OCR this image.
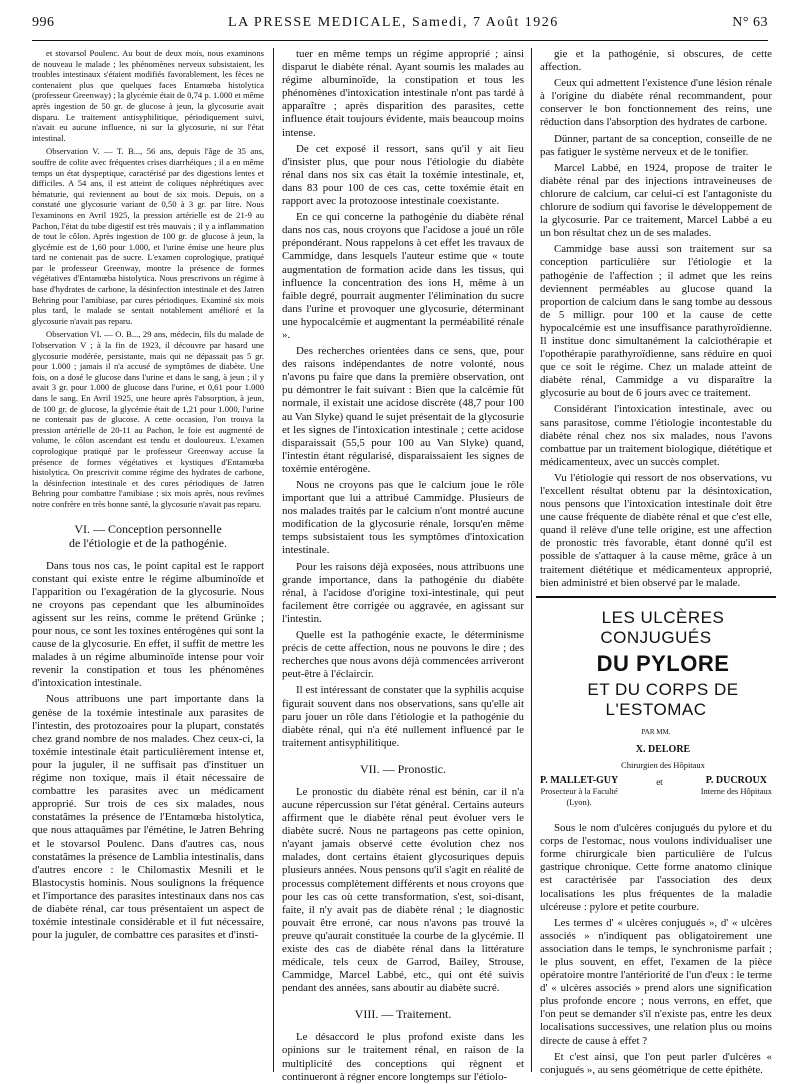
996	LA PRESSE MEDICALE, Samedi, 7 Août 1926	N° 63

et stovarsol Poulenc. Au bout de deux mois, nous examinons de nouveau le malade ; les phénomènes nerveux subsistaient, les troubles intestinaux s'étaient modifiés favorablement, les fèces ne contenaient plus que quelques faces Entamœba histolytica (professeur Greenway) ; la glycémie était de 0,74 p. 1.000 et même après ingestion de 50 gr. de glucose à jeun, la glycosurie avait disparu. Le traitement antisyphilitique, périodiquement suivi, n'avait eu aucune influence, ni sur la glycosurie, ni sur l'état intestinal.

Observation V. — T. B..., 56 ans, depuis l'âge de 35 ans, souffre de colite avec fréquentes crises diarrhéiques ; il a en même temps un état dyspeptique, caractérisé par des digestions lentes et difficiles. A 54 ans, il est atteint de coliques néphrétiques avec hématurie, qui reviennent au bout de six mois. Depuis, on a constaté une glycosurie variant de 0,50 à 3 gr. par litre. Nous l'examinons en Avril 1925, la pression artérielle est de 21-9 au Pachon, l'état du tube digestif est très mauvais ; il y a inflammation de tout le côlon. Après ingestion de 100 gr. de glucose à jeun, la glycémie est de 1,60 pour 1.000, et l'urine émise une heure plus tard ne contenait pas de sucre. L'examen coprologique, pratiqué par le professeur Greenway, montre la présence de formes végétatives d'Entamœba histolytica. Nous prescrivons un régime à base d'hydrates de carbone, la désinfection intestinale et des Jatren Behring pour l'amibiase, par cures périodiques. Examiné six mois plus tard, le malade se sentait notablement amélioré et la glycosurie n'avait pas reparu.

Observation VI. — O. B..., 29 ans, médecin, fils du malade de l'observation V ; à la fin de 1923, il découvre par hasard une glycosurie modérée, persistante, mais qui ne dépassait pas 5 gr. pour 1.000 ; jamais il n'a accusé de symptômes de diabète. Une fois, on a dosé le glucose dans l'urine et dans le sang, à jeun ; il y avait 3 gr. pour 1.000 de glucose dans l'urine, et 0,61 pour 1.000 dans le sang. En Avril 1925, une heure après l'absorption, à jeun, de 100 gr. de glucose, la glycémie était de 1,21 pour 1.000, l'urine ne contenait pas de glucose. A cette occasion, l'on trouva la pression artérielle de 20-11 au Pachon, le foie est augmenté de volume, le côlon ascendant est tendu et douloureux. L'examen coprologique pratiqué par le professeur Greenway accuse la présence de formes végétatives et kystiques d'Entamœba histolytica. On prescrivit comme régime des hydrates de carbone, la désinfection intestinale et des cures périodiques de Jatren Behring pour combattre l'amibiase ; six mois après, nous revîmes notre confrère en très bonne santé, la glycosurie n'avait pas reparu.

VI. — Conception personnelle
de l'étiologie et de la pathogénie.

Dans tous nos cas, le point capital est le rapport constant qui existe entre le régime albuminoïde et l'apparition ou l'exagération de la glycosurie. Nous ne croyons pas cependant que les albuminoïdes agissent sur les reins, comme le prétend Grünke ; pour nous, ce sont les toxines entérogènes qui sont la cause de la glycosurie. En effet, il suffit de mettre les malades à un régime albuminoïde intense pour voir revenir la constipation et tous les phénomènes d'intoxication intestinale.

Nous attribuons une part importante dans la genèse de la toxémie intestinale aux parasites de l'intestin, des protozoaires pour la plupart, constatés chez grand nombre de nos malades. Chez ceux-ci, la toxémie intestinale était particulièrement intense et, pour la juguler, il ne suffisait pas d'instituer un régime non toxique, mais il était nécessaire de combattre les parasites avec un médicament approprié. Sur trois de ces six malades, nous constatâmes la présence de l'Entamœba histolytica, que nous attaquâmes par l'émétine, le Jatren Behring et le stovarsol Poulenc. Dans d'autres cas, nous constatâmes la présence de Lamblia intestinalis, dans d'autres encore : le Chilomastix Mesnili et le Blastocystis hominis. Nous soulignons la fréquence et l'importance des parasites intestinaux dans nos cas de diabète rénal, car tous présentaient un aspect de toxémie intestinale considérable et il fut nécessaire, pour la juguler, de combattre ces parasites et d'insti-

tuer en même temps un régime approprié ; ainsi disparut le diabète rénal. Ayant soumis les malades au régime albuminoïde, la constipation et tous les phénomènes d'intoxication intestinale n'ont pas tardé à apparaître ; après disparition des parasites, cette influence était toujours évidente, mais beaucoup moins intense.

De cet exposé il ressort, sans qu'il y ait lieu d'insister plus, que pour nous l'étiologie du diabète rénal dans nos six cas était la toxémie intestinale, et, dans 83 pour 100 de ces cas, cette toxémie était en rapport avec la protozoose intestinale coexistante.

En ce qui concerne la pathogénie du diabète rénal dans nos cas, nous croyons que l'acidose a joué un rôle prépondérant. Nous rappelons à cet effet les travaux de Cammidge, dans lesquels l'auteur estime que « toute augmentation de formation acide dans les tissus, qui influence la concentration des ions H, même à un faible degré, pourrait augmenter l'élimination du sucre dans l'urine et provoquer une glycosurie, déterminant une hypocalcémie et augmentant la perméabilité rénale ».

Des recherches orientées dans ce sens, que, pour des raisons indépendantes de notre volonté, nous n'avons pu faire que dans la première observation, ont pu démontrer le fait suivant : Bien que la calcémie fût normale, il existait une acidose discrète (48,7 pour 100 au Van Slyke) quand le sujet présentait de la glycosurie et les signes de l'intoxication intestinale ; cette acidose disparaissait (55,5 pour 100 au Van Slyke) quand, l'intestin étant régularisé, disparaissaient les signes de toxémie entérogène.

Nous ne croyons pas que le calcium joue le rôle important que lui a attribué Cammidge. Plusieurs de nos malades traités par le calcium n'ont montré aucune modification de la glycosurie rénale, lorsqu'en même temps subsistaient tous les symptômes d'intoxication intestinale.

Pour les raisons déjà exposées, nous attribuons une grande importance, dans la pathogénie du diabète rénal, à l'acidose d'origine toxi-intestinale, qui peut facilement être corrigée ou aggravée, en agissant sur l'intestin.

Quelle est la pathogénie exacte, le déterminisme précis de cette affection, nous ne pouvons le dire ; des recherches que nous avons déjà commencées arriveront peut-être à l'éclaircir.

Il est intéressant de constater que la syphilis acquise figurait souvent dans nos observations, sans qu'elle ait paru jouer un rôle dans l'étiologie et la pathogénie du diabète rénal, qui n'a été nullement influencé par le traitement antisyphilitique.

VII. — Pronostic.

Le pronostic du diabète rénal est bénin, car il n'a aucune répercussion sur l'état général. Certains auteurs affirment que le diabète rénal peut évoluer vers le diabète sucré. Nous ne partageons pas cette opinion, n'ayant jamais observé cette évolution chez nos malades, dont certains étaient glycosuriques depuis plusieurs années. Nous pensons qu'il s'agit en réalité de processus complètement différents et nous croyons que pour les cas où cette transformation, s'est, soi-disant, faite, il n'y avait pas de diabète rénal ; le diagnostic pouvait être erroné, car nous n'avons pas trouvé la preuve qu'aurait constituée la courbe de la glycémie. Il existe des cas de diabète rénal dans la littérature médicale, tels ceux de Garrod, Bailey, Strouse, Cammidge, Marcel Labbé, etc., qui ont été suivis pendant des années, sans aboutir au diabète sucré.

VIII. — Traitement.

Le désaccord le plus profond existe dans les opinions sur le traitement rénal, en raison de la multiplicité des conceptions qui règnent et continueront à régner encore longtemps sur l'étiolo-

gie et la pathogénie, si obscures, de cette affection.

Ceux qui admettent l'existence d'une lésion rénale à l'origine du diabète rénal recommandent, pour conserver le bon fonctionnement des reins, une réduction dans l'absorption des hydrates de carbone.

Dünner, partant de sa conception, conseille de ne pas fatiguer le système nerveux et de le tonifier.

Marcel Labbé, en 1924, propose de traiter le diabète rénal par des injections intraveineuses de chlorure de calcium, car celui-ci est l'antagoniste du chlorure de sodium qui favorise le développement de la glycosurie. Par ce traitement, Marcel Labbé a eu un bon résultat chez un de ses malades.

Cammidge base aussi son traitement sur sa conception particulière sur l'étiologie et la pathogénie de l'affection ; il admet que les reins deviennent perméables au glucose quand la proportion de calcium dans le sang tombe au dessous de 5 milligr. pour 100 et la cause de cette hypocalcémie est une insuffisance parathyroïdienne. Il institue donc simultanément la calciothérapie et l'opothérapie parathyroïdienne, sans réduire en quoi que ce soit le régime. Chez un malade atteint de diabète rénal, Cammidge a vu disparaître la glycosurie au bout de 6 jours avec ce traitement.

Considérant l'intoxication intestinale, avec ou sans parasitose, comme l'étiologie incontestable du diabète rénal chez nos six malades, nous l'avons combattue par un traitement biologique, diététique et médicamenteux, avec un succès complet.

Vu l'étiologie qui ressort de nos observations, vu l'excellent résultat obtenu par la désintoxication, nous pensons que l'intoxication intestinale doit être une cause fréquente de diabète rénal et que c'est elle, quand il relève d'une telle origine, est une affection de pronostic très favorable, étant donné qu'il est possible de s'attaquer à la cause même, grâce à un traitement diététique et médicamenteux approprié, bien administré et bien observé par le malade.

LES ULCÈRES CONJUGUÉS

DU PYLORE

ET DU CORPS DE L'ESTOMAC

PAR MM.

X. DELORE

Chirurgien des Hôpitaux

P. MALLET-GUY
Prosecteur à la Faculté
(Lyon).
et	P. DUCROUX
Interne des Hôpitaux

Sous le nom d'ulcères conjugués du pylore et du corps de l'estomac, nous voulons individualiser une forme chirurgicale bien particulière de l'ulcus gastrique chronique. Cette forme anatomo clinique est caractérisée par l'association des deux localisations les plus fréquentes de la maladie ulcéreuse : pylore et petite courbure.

Les termes d' « ulcères conjugués », d' « ulcères associés » n'indiquent pas obligatoirement une association dans le temps, le synchronisme parfait ; le plus souvent, en effet, l'examen de la pièce opératoire montre l'antériorité de l'un d'eux : le terme d' « ulcères associés » prend alors une signification plus profonde encore ; nous verrons, en effet, que l'on peut se demander s'il n'existe pas, entre les deux localisations successives, une relation plus ou moins directe de cause à effet ?

Et c'est ainsi, que l'on peut parler d'ulcères « conjugués », au sens géométrique de cette épithète.
